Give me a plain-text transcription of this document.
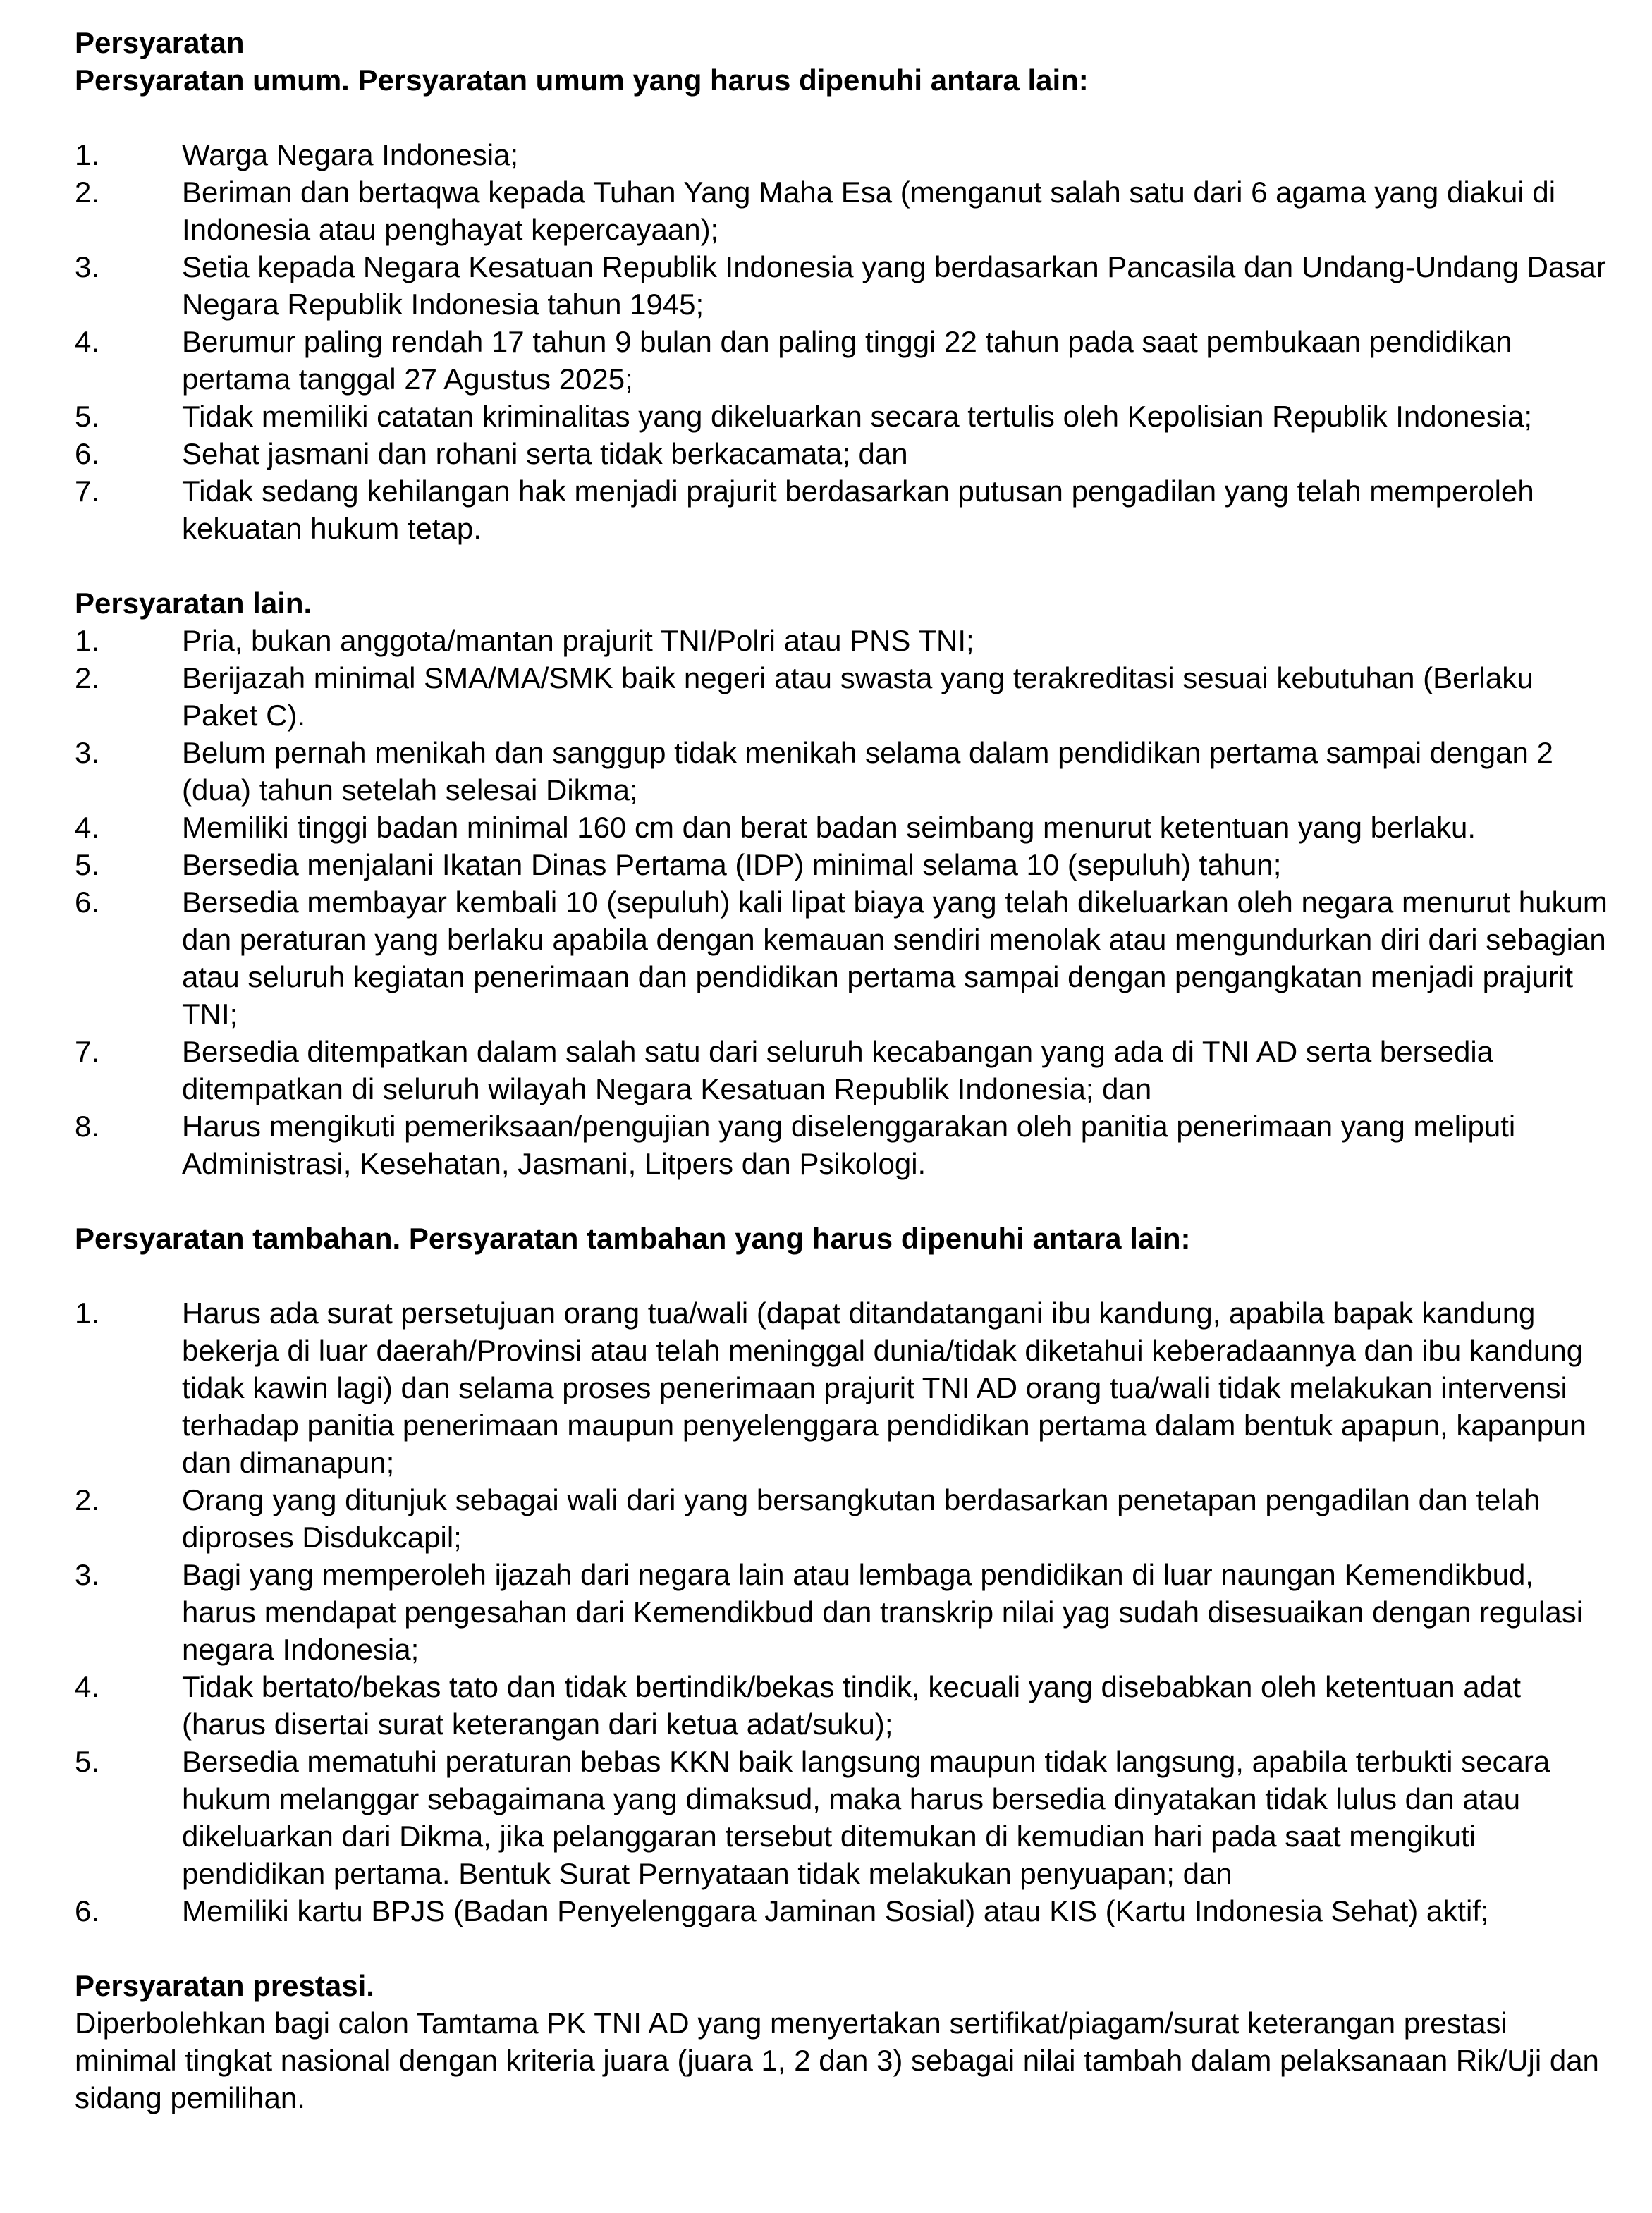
Persyaratan
Persyaratan umum. Persyaratan umum yang harus dipenuhi antara lain:
1.	Warga Negara Indonesia;
2.	Beriman dan bertaqwa kepada Tuhan Yang Maha Esa (menganut salah satu dari 6 agama yang diakui di Indonesia atau penghayat kepercayaan);
3.	Setia kepada Negara Kesatuan Republik Indonesia yang berdasarkan Pancasila dan Undang-Undang Dasar Negara Republik Indonesia tahun 1945;
4.	Berumur paling rendah 17 tahun 9 bulan dan paling tinggi 22 tahun pada saat pembukaan pendidikan pertama tanggal 27 Agustus 2025;
5.	Tidak memiliki catatan kriminalitas yang dikeluarkan secara tertulis oleh Kepolisian Republik Indonesia;
6.	Sehat jasmani dan rohani serta tidak berkacamata; dan
7.	Tidak sedang kehilangan hak menjadi prajurit berdasarkan putusan pengadilan yang telah memperoleh kekuatan hukum tetap.
Persyaratan lain.
1.	Pria, bukan anggota/mantan prajurit TNI/Polri atau PNS TNI;
2.	Berijazah minimal SMA/MA/SMK baik negeri atau swasta yang terakreditasi sesuai kebutuhan (Berlaku Paket C).
3.	Belum pernah menikah dan sanggup tidak menikah selama dalam pendidikan pertama sampai dengan 2 (dua) tahun setelah selesai Dikma;
4.	Memiliki tinggi badan minimal 160 cm dan berat badan seimbang menurut ketentuan yang berlaku.
5.	Bersedia menjalani Ikatan Dinas Pertama (IDP) minimal selama 10 (sepuluh) tahun;
6.	Bersedia membayar kembali 10 (sepuluh) kali lipat biaya yang telah dikeluarkan oleh negara menurut hukum dan peraturan yang berlaku apabila dengan kemauan sendiri menolak atau mengundurkan diri dari sebagian atau seluruh kegiatan penerimaan dan pendidikan pertama sampai dengan pengangkatan menjadi prajurit TNI;
7.	Bersedia ditempatkan dalam salah satu dari seluruh kecabangan yang ada di TNI AD serta bersedia ditempatkan di seluruh wilayah Negara Kesatuan Republik Indonesia; dan
8.	Harus mengikuti pemeriksaan/pengujian yang diselenggarakan oleh panitia penerimaan yang meliputi Administrasi, Kesehatan, Jasmani, Litpers dan Psikologi.
Persyaratan tambahan. Persyaratan tambahan yang harus dipenuhi antara lain:
1.	Harus ada surat persetujuan orang tua/wali (dapat ditandatangani ibu kandung, apabila bapak kandung bekerja di luar daerah/Provinsi atau telah meninggal dunia/tidak diketahui keberadaannya dan ibu kandung tidak kawin lagi) dan selama proses penerimaan prajurit TNI AD orang tua/wali tidak melakukan intervensi terhadap panitia penerimaan maupun penyelenggara pendidikan pertama dalam bentuk apapun, kapanpun dan dimanapun;
2.	Orang yang ditunjuk sebagai wali dari yang bersangkutan berdasarkan penetapan pengadilan dan telah diproses Disdukcapil;
3.	Bagi yang memperoleh ijazah dari negara lain atau lembaga pendidikan di luar naungan Kemendikbud, harus mendapat pengesahan dari Kemendikbud dan transkrip nilai yag sudah disesuaikan dengan regulasi negara Indonesia;
4.	Tidak bertato/bekas tato dan tidak bertindik/bekas tindik, kecuali yang disebabkan oleh ketentuan adat (harus disertai surat keterangan dari ketua adat/suku);
5.	Bersedia mematuhi peraturan bebas KKN baik langsung maupun tidak langsung, apabila terbukti secara hukum melanggar sebagaimana yang dimaksud, maka harus bersedia dinyatakan tidak lulus dan atau dikeluarkan dari Dikma, jika pelanggaran tersebut ditemukan di kemudian hari pada saat mengikuti pendidikan pertama. Bentuk Surat Pernyataan tidak melakukan penyuapan; dan
6.	Memiliki kartu BPJS (Badan Penyelenggara Jaminan Sosial) atau KIS (Kartu Indonesia Sehat) aktif;
Persyaratan prestasi.

Diperbolehkan bagi calon Tamtama PK TNI AD yang menyertakan sertifikat/piagam/surat keterangan prestasi minimal tingkat nasional dengan kriteria juara (juara 1, 2 dan 3) sebagai nilai tambah dalam pelaksanaan Rik/Uji dan sidang pemilihan.
